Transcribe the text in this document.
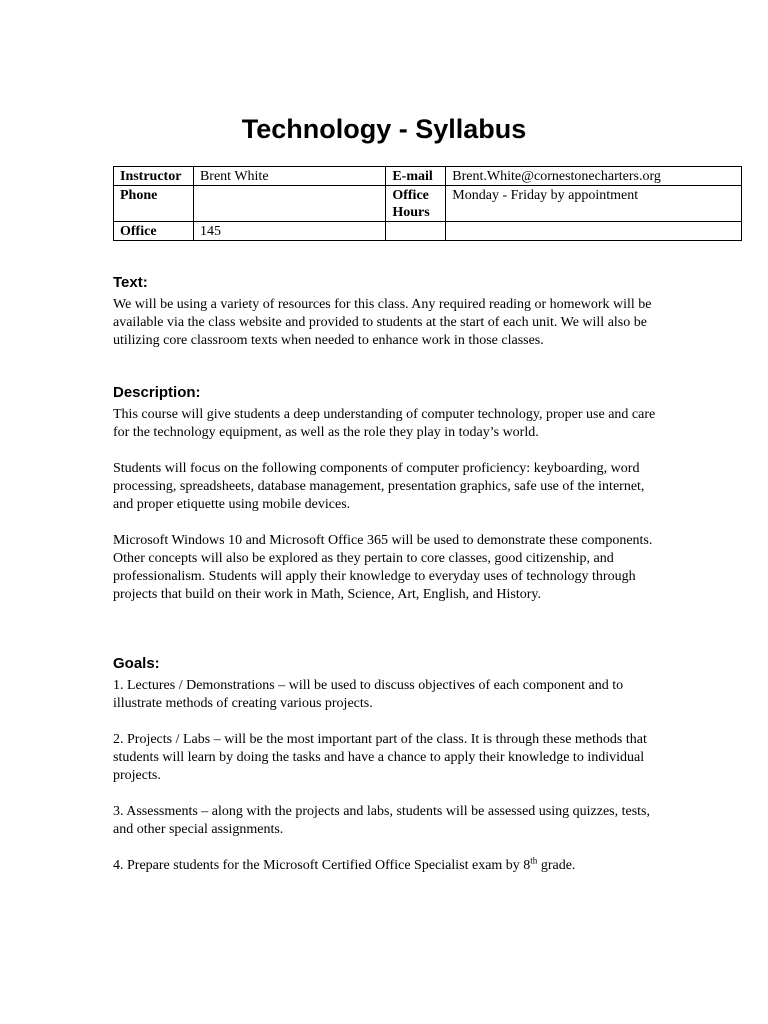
Technology - Syllabus
Instructor	Brent White	E-mail	Brent.White@cornestonecharters.org
Phone		Office Hours	Monday - Friday by appointment
Office	145		
Text:

We will be using a variety of resources for this class. Any required reading or homework will be available via the class website and provided to students at the start of each unit. We will also be utilizing core classroom texts when needed to enhance work in those classes.

Description:

This course will give students a deep understanding of computer technology, proper use and care for the technology equipment, as well as the role they play in today’s world.

Students will focus on the following components of computer proficiency: keyboarding, word processing, spreadsheets, database management, presentation graphics, safe use of the internet, and proper etiquette using mobile devices.

Microsoft Windows 10 and Microsoft Office 365 will be used to demonstrate these components. Other concepts will also be explored as they pertain to core classes, good citizenship, and professionalism. Students will apply their knowledge to everyday uses of technology through projects that build on their work in Math, Science, Art, English, and History.

Goals:

1. Lectures / Demonstrations – will be used to discuss objectives of each component and to illustrate methods of creating various projects.

2. Projects / Labs – will be the most important part of the class. It is through these methods that students will learn by doing the tasks and have a chance to apply their knowledge to individual projects.

3. Assessments – along with the projects and labs, students will be assessed using quizzes, tests, and other special assignments.

4. Prepare students for the Microsoft Certified Office Specialist exam by 8th grade.
